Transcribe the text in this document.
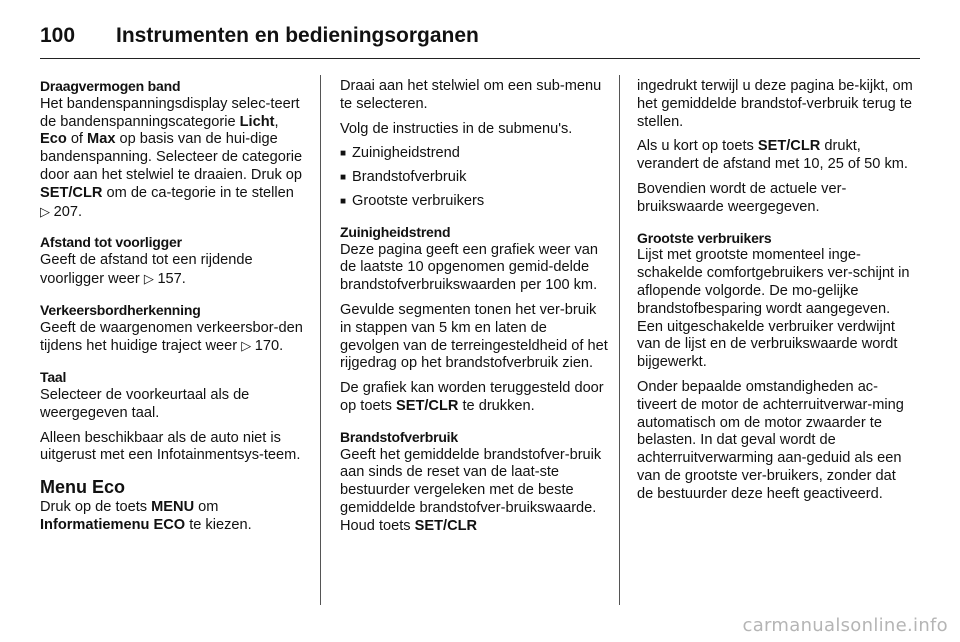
100	Instrumenten en bedieningsorganen
Draagvermogen band

Het bandenspanningsdisplay selec-teert de bandenspanningscategorie Licht, Eco of Max op basis van de hui-dige bandenspanning. Selecteer de categorie door aan het stelwiel te draaien. Druk op SET/CLR om de ca-tegorie in te stellen ▷ 207.

Afstand tot voorligger

Geeft de afstand tot een rijdende voorligger weer ▷ 157.

Verkeersbordherkenning

Geeft de waargenomen verkeersbor-den tijdens het huidige traject weer ▷ 170.

Taal

Selecteer de voorkeurtaal als de weergegeven taal.

Alleen beschikbaar als de auto niet is uitgerust met een Infotainmentsys-teem.

Menu Eco

Druk op de toets MENU om Informatiemenu ECO te kiezen.

Draai aan het stelwiel om een sub-menu te selecteren.

Volg de instructies in de submenu's.

■ Zuinigheidstrend
■ Brandstofverbruik
■ Grootste verbruikers
Zuinigheidstrend

Deze pagina geeft een grafiek weer van de laatste 10 opgenomen gemid-delde brandstofverbruikswaarden per 100 km.

Gevulde segmenten tonen het ver-bruik in stappen van 5 km en laten de gevolgen van de terreingesteldheid of het rijgedrag op het brandstofverbruik zien.

De grafiek kan worden teruggesteld door op toets SET/CLR te drukken.

Brandstofverbruik

Geeft het gemiddelde brandstofver-bruik aan sinds de reset van de laat-ste bestuurder vergeleken met de beste gemiddelde brandstofver-bruikswaarde. Houd toets SET/CLR

ingedrukt terwijl u deze pagina be-kijkt, om het gemiddelde brandstof-verbruik terug te stellen.

Als u kort op toets SET/CLR drukt, verandert de afstand met 10, 25 of 50 km.

Bovendien wordt de actuele ver-bruikswaarde weergegeven.

Grootste verbruikers

Lijst met grootste momenteel inge-schakelde comfortgebruikers ver-schijnt in aflopende volgorde. De mo-gelijke brandstofbesparing wordt aangegeven. Een uitgeschakelde verbruiker verdwijnt van de lijst en de verbruikswaarde wordt bijgewerkt.

Onder bepaalde omstandigheden ac-tiveert de motor de achterruitverwar-ming automatisch om de motor zwaarder te belasten. In dat geval wordt de achterruitverwarming aan-geduid als een van de grootste ver-bruikers, zonder dat de bestuurder deze heeft geactiveerd.

carmanualsonline.info
